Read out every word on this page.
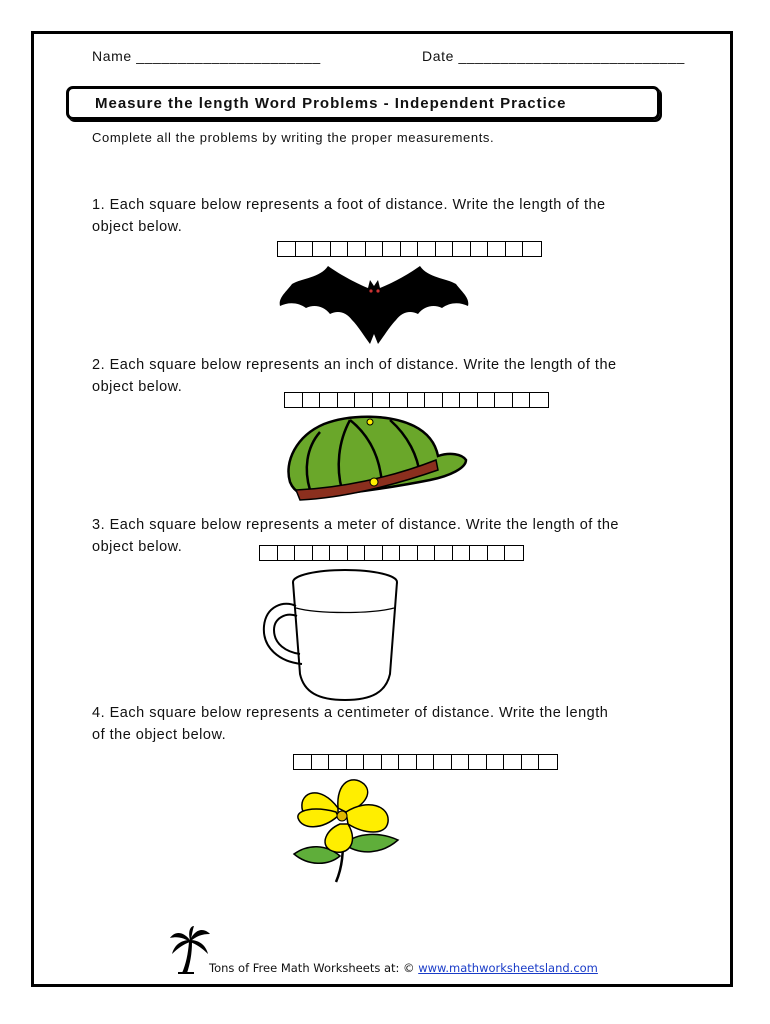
Name ______________________	Date ___________________________
Measure the length Word Problems - Independent Practice
Complete all the problems by writing the proper measurements.
1. Each square below represents a foot of distance. Write the length of the
object below.
2. Each square below represents an inch of distance. Write the length of the
object below.
3. Each square below represents a meter of distance. Write the length of the
object below.
4. Each square below represents a centimeter of distance. Write the length
of the object below.
Tons of Free Math Worksheets at: © www.mathworksheetsland.com
